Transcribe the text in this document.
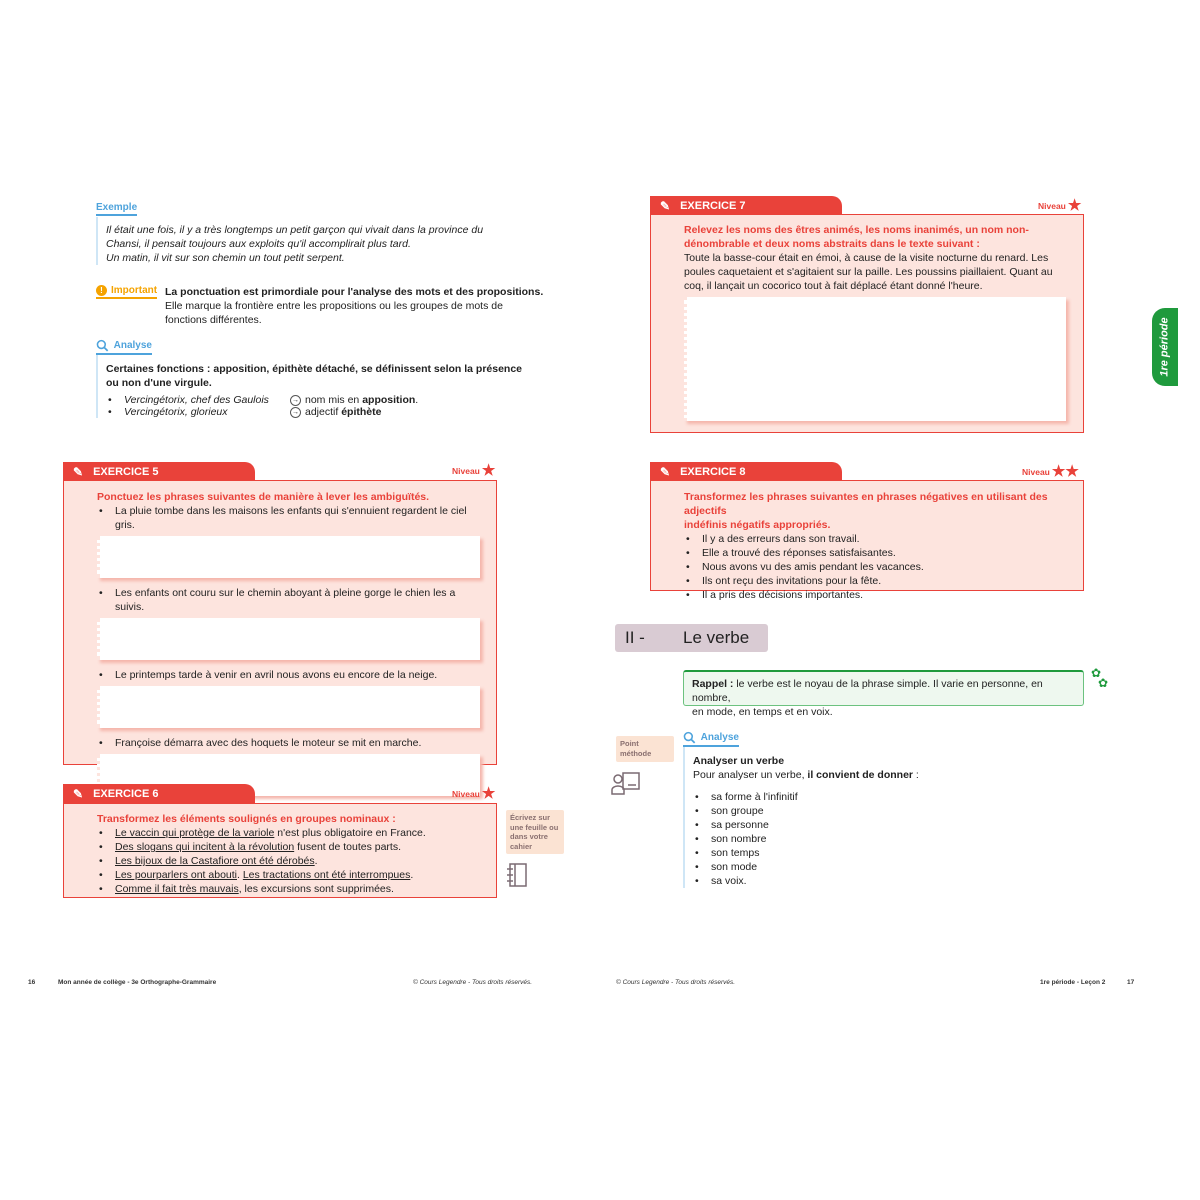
Exemple
Il était une fois, il y a très longtemps un petit garçon qui vivait dans la province du
Chansi, il pensait toujours aux exploits qu'il accomplirait plus tard.
Un matin, il vit sur son chemin un tout petit serpent.
! Important La ponctuation est primordiale pour l'analyse des mots et des propositions.
Elle marque la frontière entre les propositions ou les groupes de mots de
fonctions différentes.
Analyse
Certaines fonctions : apposition, épithète détaché, se définissent selon la présence
ou non d'une virgule.
• Vercingétorix, chef des Gaulois	→ nom mis en apposition.
• Vercingétorix, glorieux	→ adjectif épithète
✎ EXERCICE 5	Niveau ★
Ponctuez les phrases suivantes de manière à lever les ambiguïtés.
• La pluie tombe dans les maisons les enfants qui s'ennuient regardent le ciel gris.
• Les enfants ont couru sur le chemin aboyant à pleine gorge le chien les a suivis.
• Le printemps tarde à venir en avril nous avons eu encore de la neige.
• Françoise démarra avec des hoquets le moteur se mit en marche.
✎ EXERCICE 6	Niveau ★
Transformez les éléments soulignés en groupes nominaux :
• Le vaccin qui protège de la variole n'est plus obligatoire en France.
• Des slogans qui incitent à la révolution fusent de toutes parts.
• Les bijoux de la Castafiore ont été dérobés.
• Les pourparlers ont abouti. Les tractations ont été interrompues.
• Comme il fait très mauvais, les excursions sont supprimées.
Écrivez sur une feuille ou dans votre cahier
16	Mon année de collège - 3e Orthographe-Grammaire	© Cours Legendre - Tous droits réservés.
✎ EXERCICE 7	Niveau ★
Relevez les noms des êtres animés, les noms inanimés, un nom non-
dénombrable et deux noms abstraits dans le texte suivant :
Toute la basse-cour était en émoi, à cause de la visite nocturne du renard. Les
poules caquetaient et s'agitaient sur la paille. Les poussins piaillaient. Quant au
coq, il lançait un cocorico tout à fait déplacé étant donné l'heure.
✎ EXERCICE 8	Niveau ★★
Transformez les phrases suivantes en phrases négatives en utilisant des adjectifs
indéfinis négatifs appropriés.
• Il y a des erreurs dans son travail.
• Elle a trouvé des réponses satisfaisantes.
• Nous avons vu des amis pendant les vacances.
• Ils ont reçu des invitations pour la fête.
• Il a pris des décisions importantes.
II -	Le verbe
Rappel : le verbe est le noyau de la phrase simple. Il varie en personne, en nombre,
en mode, en temps et en voix.
✿
✿
Point méthode
Analyse
Analyser un verbe
Pour analyser un verbe, il convient de donner :
• sa forme à l'infinitif
• son groupe
• sa personne
• son nombre
• son temps
• son mode
• sa voix.
1re période
© Cours Legendre - Tous droits réservés.	1re période - Leçon 2	17
